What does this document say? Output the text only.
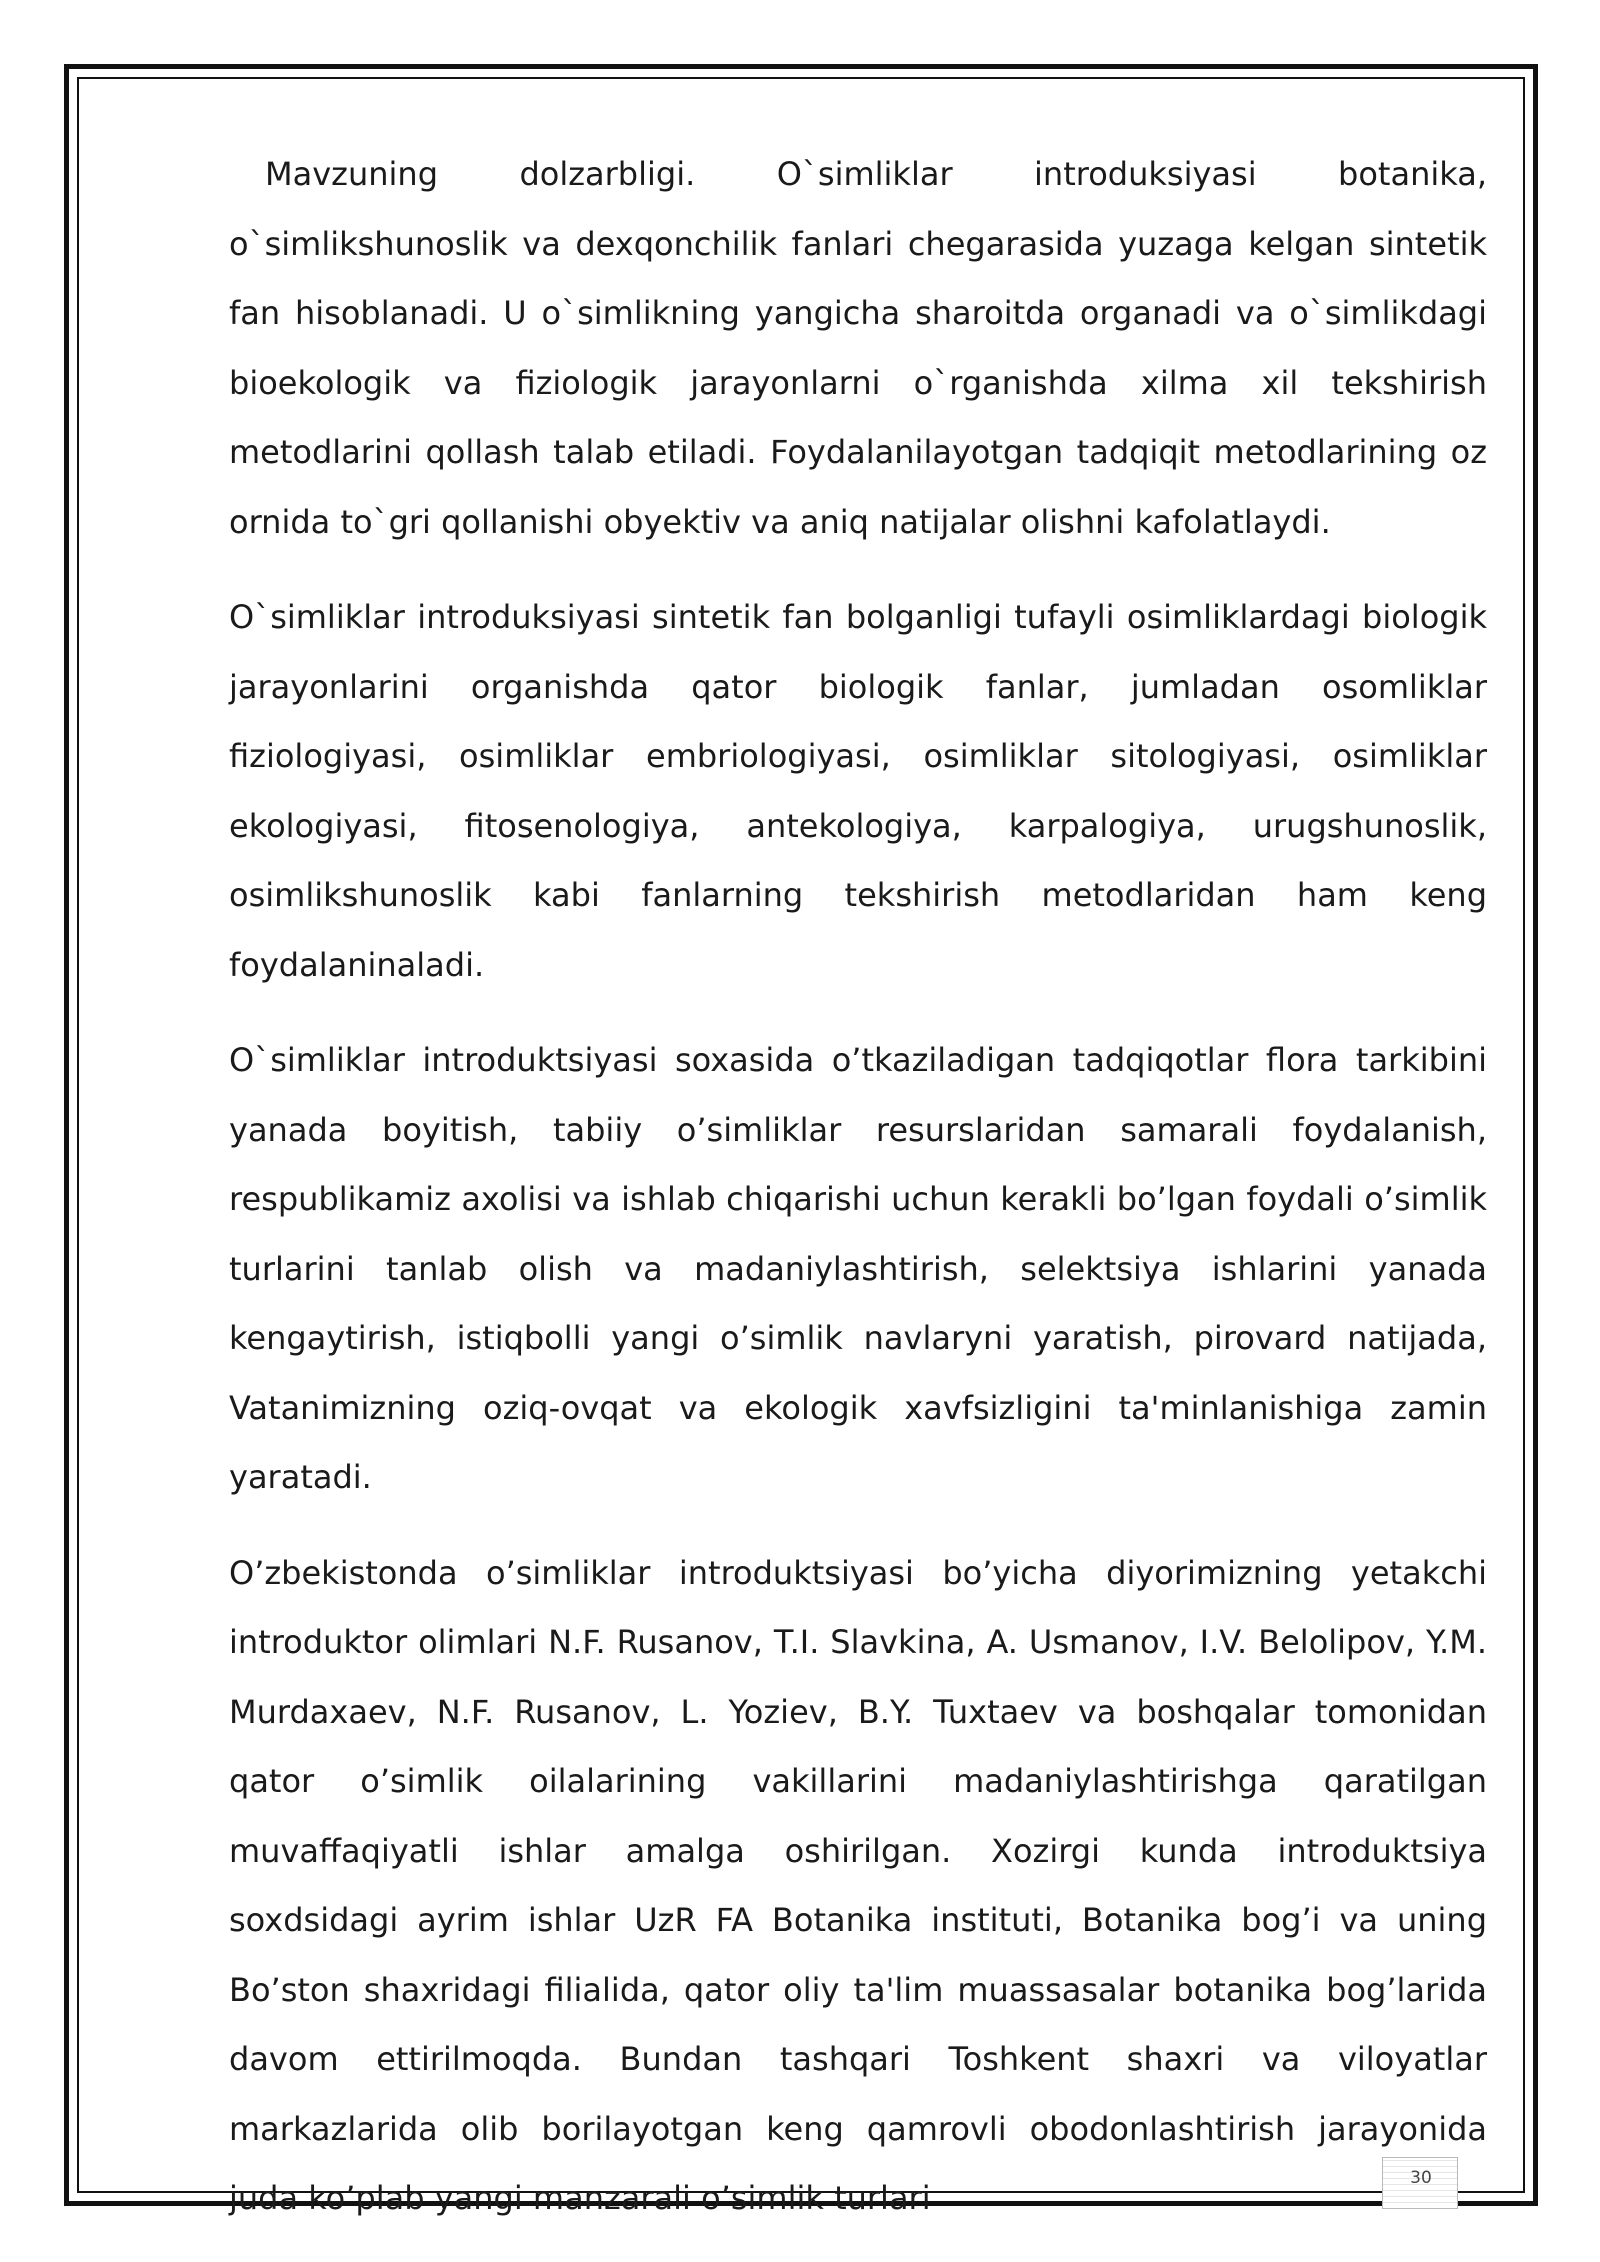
Mavzuning dolzarbligi. O`simliklar introduksiyasi botanika, o`simlikshunoslik va dexqonchilik fanlari chegarasida yuzaga kelgan sintetik fan hisoblanadi. U o`simlikning yangicha sharoitda organadi va o`simlikdagi bioekologik va fiziologik jarayonlarni o`rganishda xilma xil tekshirish metodlarini qollash talab etiladi. Foydalanilayotgan tadqiqit metodlarining oz ornida to`gri qollanishi obyektiv va aniq natijalar olishni kafolatlaydi.

O`simliklar introduksiyasi sintetik fan bolganligi tufayli osimliklardagi biologik jarayonlarini organishda qator biologik fanlar, jumladan osomliklar fiziologiyasi, osimliklar embriologiyasi, osimliklar sitologiyasi, osimliklar ekologiyasi, fitosenologiya, antekologiya, karpalogiya, urugshunoslik, osimlikshunoslik kabi fanlarning tekshirish metodlaridan ham keng foydalaninaladi.

O`simliklar introduktsiyasi soxasida o’tkaziladigan tadqiqotlar flora tarkibini yanada boyitish, tabiiy o’simliklar resurslaridan samarali foydalanish, respublikamiz axolisi va ishlab chiqarishi uchun kerakli bo’lgan foydali o’simlik turlarini tanlab olish va madaniylashtirish, selektsiya ishlarini yanada kengaytirish, istiqbolli yangi o’simlik navlaryni yaratish, pirovard natijada, Vatanimizning oziq-ovqat va ekologik xavfsizligini ta'minlanishiga zamin yaratadi.

O’zbekistonda o’simliklar introduktsiyasi bo’yicha diyorimizning yetakchi introduktor olimlari N.F. Rusanov, T.I. Slavkina, A. Usmanov, I.V. Belolipov, Y.M. Murdaxaev, N.F. Rusanov, L. Yoziev, B.Y. Tuxtaev va boshqalar tomonidan qator o’simlik oilalarining vakillarini madaniylashtirishga qaratilgan muvaffaqiyatli ishlar amalga oshirilgan. Xozirgi kunda introduktsiya soxdsidagi ayrim ishlar UzR FA Botanika instituti, Botanika bog’i va uning Bo’ston shaxridagi filialida, qator oliy ta'lim muassasalar botanika bog’larida davom ettirilmoqda. Bundan tashqari Toshkent shaxri va viloyatlar markazlarida olib borilayotgan keng qamrovli obodonlashtirish jarayonida juda ko’plab yangi manzarali o’simlik turlari

30
